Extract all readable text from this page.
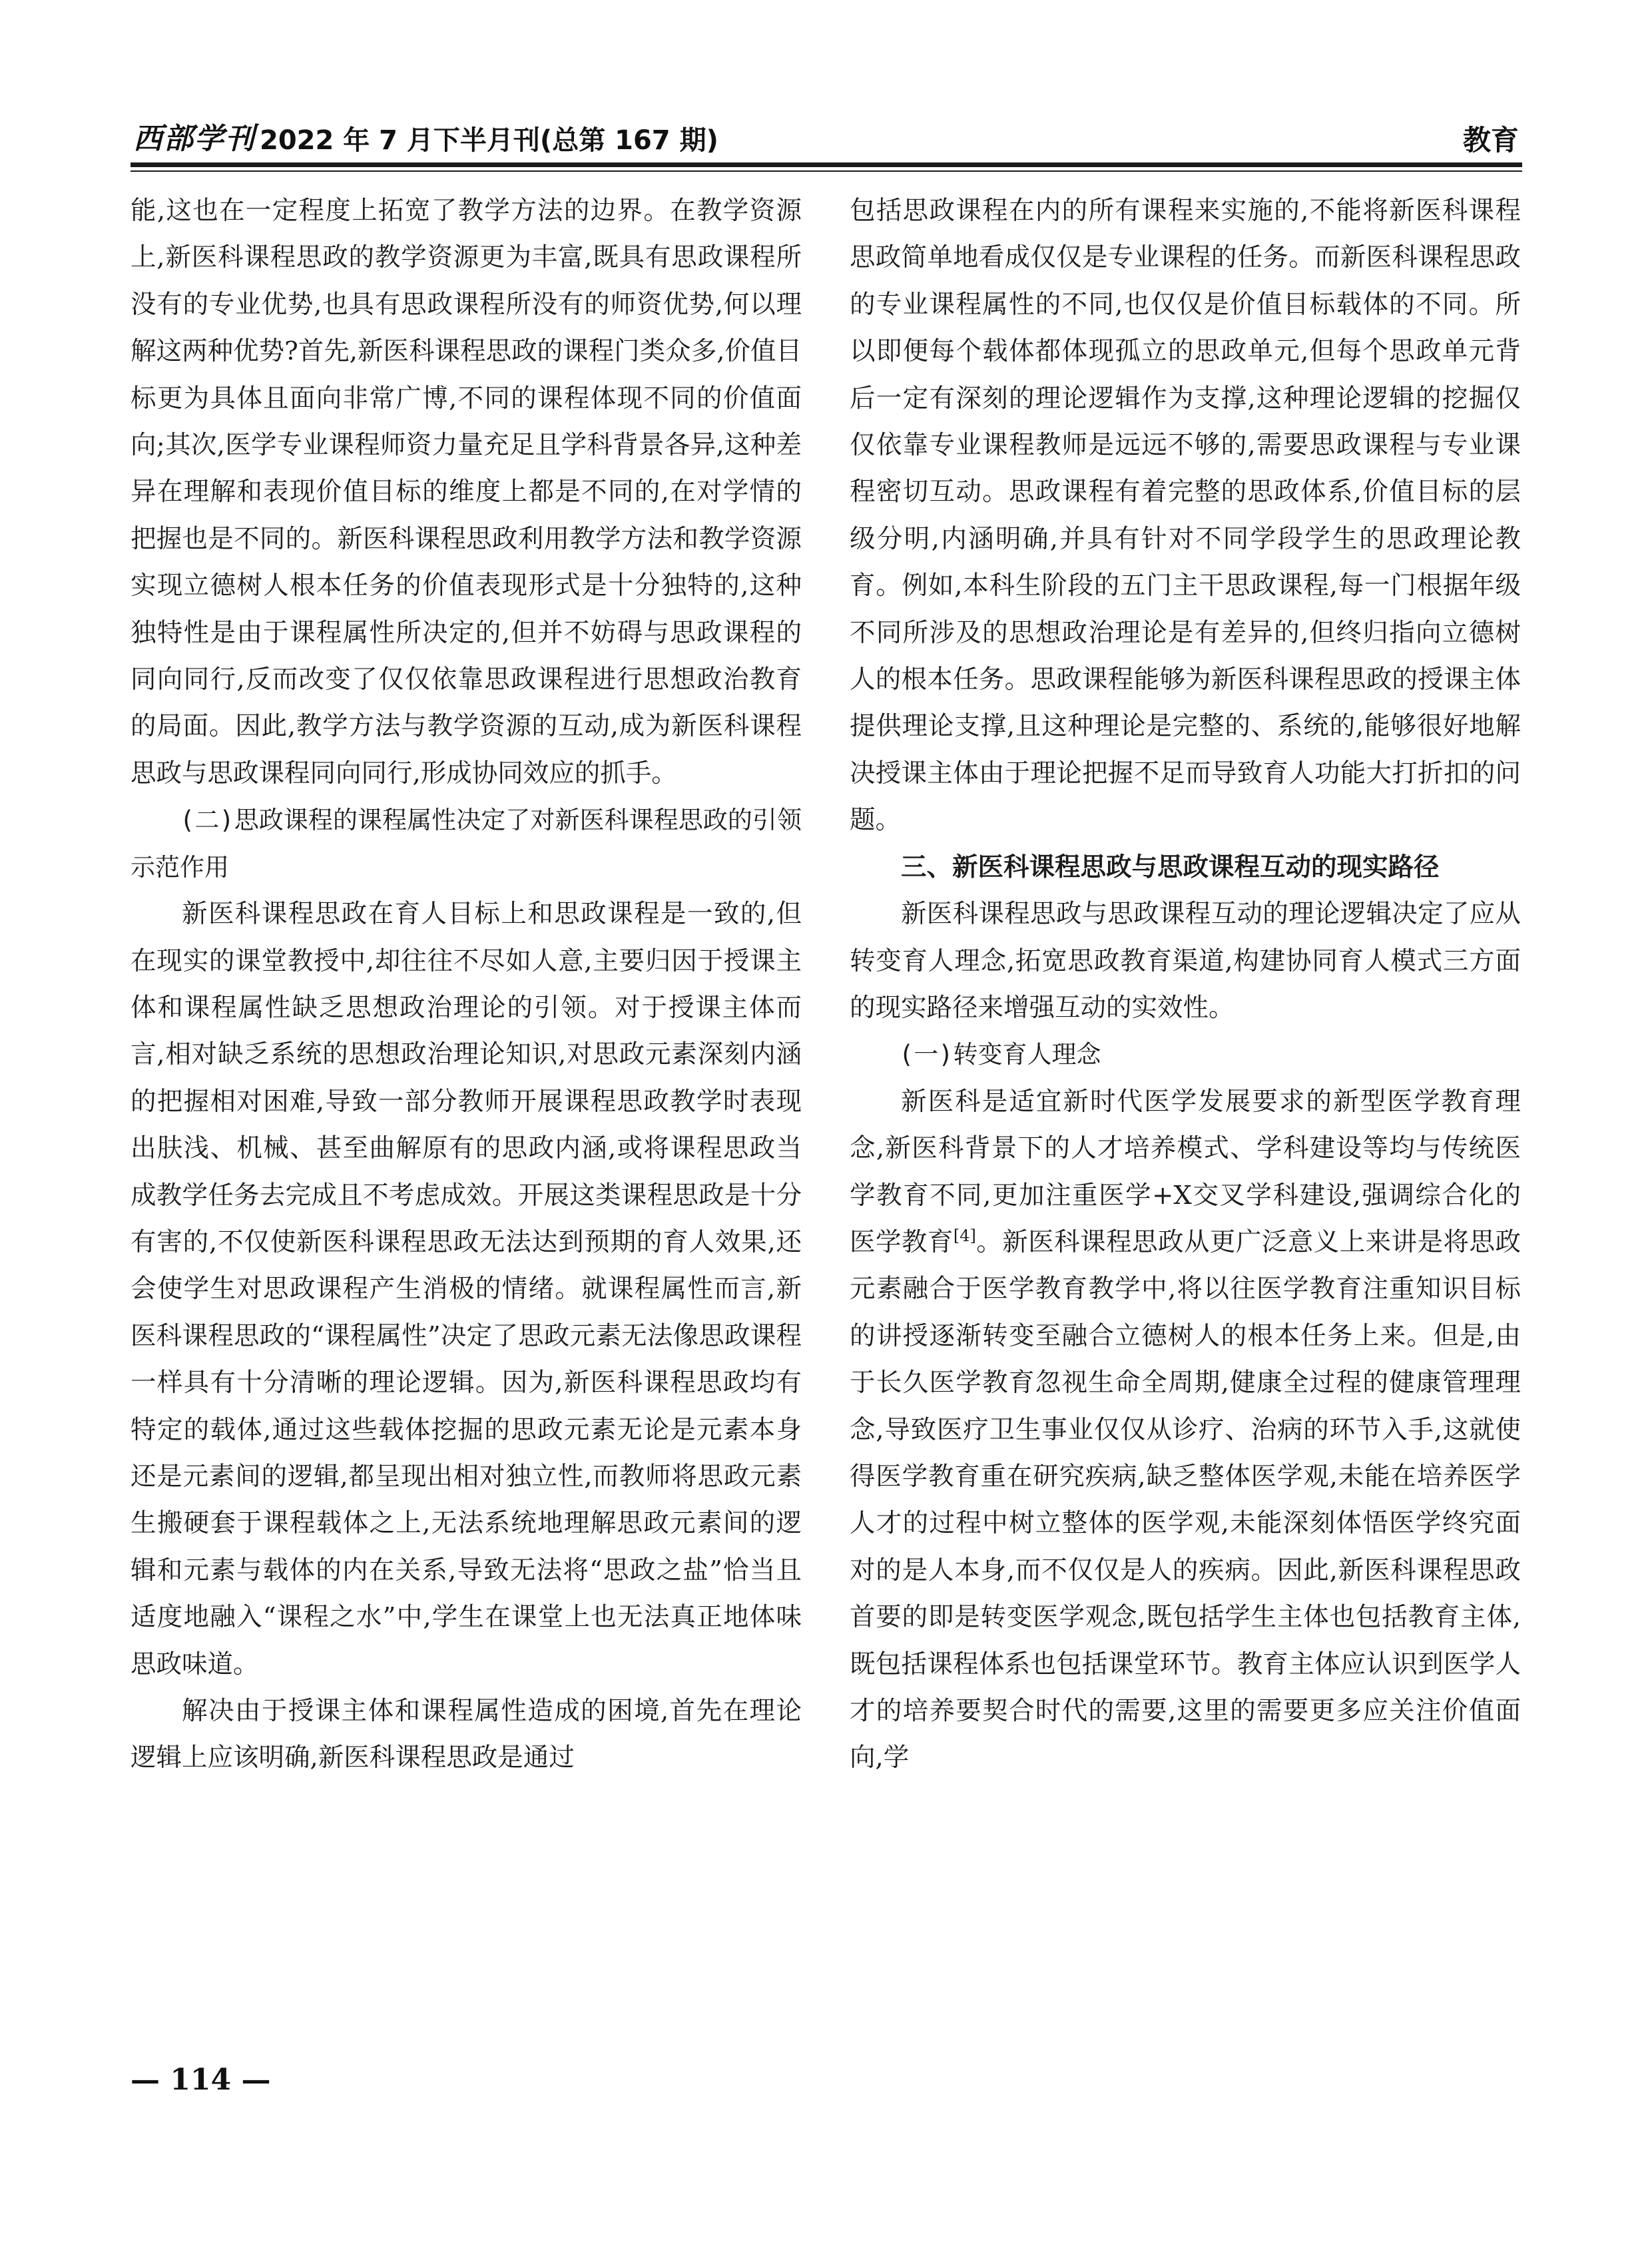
西部学刊 2022 年 7 月下半月刊(总第 167 期)	教育

能,这也在一定程度上拓宽了教学方法的边界。在教学资源上,新医科课程思政的教学资源更为丰富,既具有思政课程所没有的专业优势,也具有思政课程所没有的师资优势,何以理解这两种优势?首先,新医科课程思政的课程门类众多,价值目标更为具体且面向非常广博,不同的课程体现不同的价值面向;其次,医学专业课程师资力量充足且学科背景各异,这种差异在理解和表现价值目标的维度上都是不同的,在对学情的把握也是不同的。新医科课程思政利用教学方法和教学资源实现立德树人根本任务的价值表现形式是十分独特的,这种独特性是由于课程属性所决定的,但并不妨碍与思政课程的同向同行,反而改变了仅仅依靠思政课程进行思想政治教育的局面。因此,教学方法与教学资源的互动,成为新医科课程思政与思政课程同向同行,形成协同效应的抓手。

(二)思政课程的课程属性决定了对新医科课程思政的引领示范作用

新医科课程思政在育人目标上和思政课程是一致的,但在现实的课堂教授中,却往往不尽如人意,主要归因于授课主体和课程属性缺乏思想政治理论的引领。对于授课主体而言,相对缺乏系统的思想政治理论知识,对思政元素深刻内涵的把握相对困难,导致一部分教师开展课程思政教学时表现出肤浅、机械、甚至曲解原有的思政内涵,或将课程思政当成教学任务去完成且不考虑成效。开展这类课程思政是十分有害的,不仅使新医科课程思政无法达到预期的育人效果,还会使学生对思政课程产生消极的情绪。就课程属性而言,新医科课程思政的“课程属性”决定了思政元素无法像思政课程一样具有十分清晰的理论逻辑。因为,新医科课程思政均有特定的载体,通过这些载体挖掘的思政元素无论是元素本身还是元素间的逻辑,都呈现出相对独立性,而教师将思政元素生搬硬套于课程载体之上,无法系统地理解思政元素间的逻辑和元素与载体的内在关系,导致无法将“思政之盐”恰当且适度地融入“课程之水”中,学生在课堂上也无法真正地体味思政味道。

解决由于授课主体和课程属性造成的困境,首先在理论逻辑上应该明确,新医科课程思政是通过

包括思政课程在内的所有课程来实施的,不能将新医科课程思政简单地看成仅仅是专业课程的任务。而新医科课程思政的专业课程属性的不同,也仅仅是价值目标载体的不同。所以即便每个载体都体现孤立的思政单元,但每个思政单元背后一定有深刻的理论逻辑作为支撑,这种理论逻辑的挖掘仅仅依靠专业课程教师是远远不够的,需要思政课程与专业课程密切互动。思政课程有着完整的思政体系,价值目标的层级分明,内涵明确,并具有针对不同学段学生的思政理论教育。例如,本科生阶段的五门主干思政课程,每一门根据年级不同所涉及的思想政治理论是有差异的,但终归指向立德树人的根本任务。思政课程能够为新医科课程思政的授课主体提供理论支撑,且这种理论是完整的、系统的,能够很好地解决授课主体由于理论把握不足而导致育人功能大打折扣的问题。

三、新医科课程思政与思政课程互动的现实路径

新医科课程思政与思政课程互动的理论逻辑决定了应从转变育人理念,拓宽思政教育渠道,构建协同育人模式三方面的现实路径来增强互动的实效性。

(一)转变育人理念

新医科是适宜新时代医学发展要求的新型医学教育理念,新医科背景下的人才培养模式、学科建设等均与传统医学教育不同,更加注重医学+X交叉学科建设,强调综合化的医学教育[4]。新医科课程思政从更广泛意义上来讲是将思政元素融合于医学教育教学中,将以往医学教育注重知识目标的讲授逐渐转变至融合立德树人的根本任务上来。但是,由于长久医学教育忽视生命全周期,健康全过程的健康管理理念,导致医疗卫生事业仅仅从诊疗、治病的环节入手,这就使得医学教育重在研究疾病,缺乏整体医学观,未能在培养医学人才的过程中树立整体的医学观,未能深刻体悟医学终究面对的是人本身,而不仅仅是人的疾病。因此,新医科课程思政首要的即是转变医学观念,既包括学生主体也包括教育主体,既包括课程体系也包括课堂环节。教育主体应认识到医学人才的培养要契合时代的需要,这里的需要更多应关注价值面向,学

— 114 —
